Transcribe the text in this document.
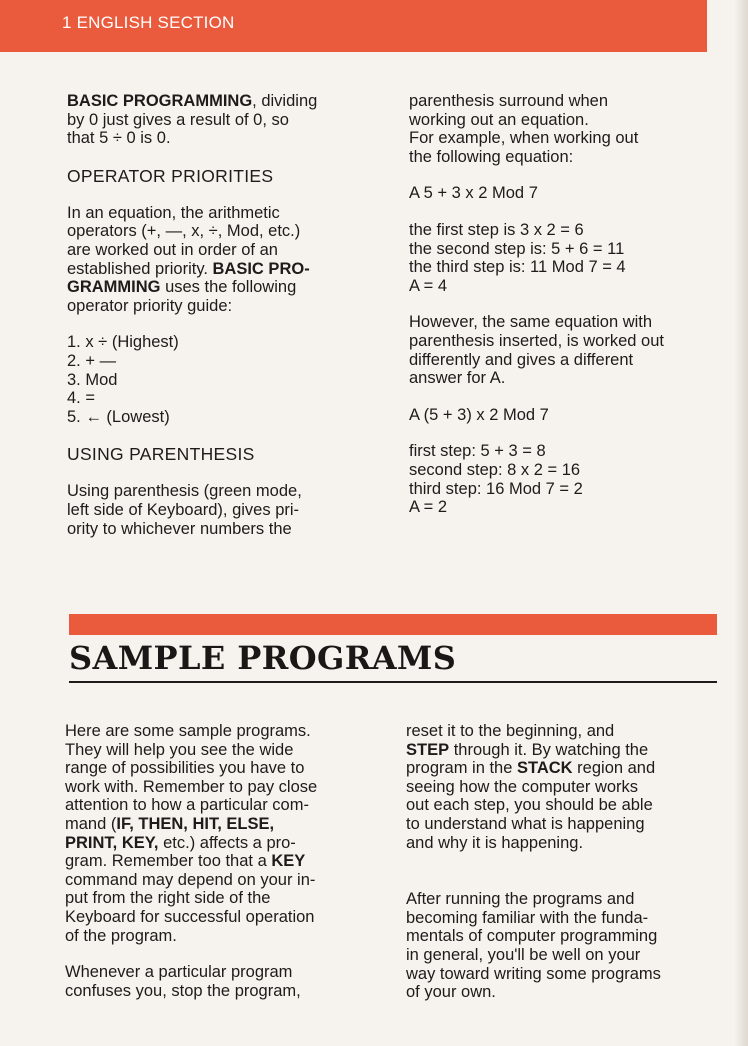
1 ENGLISH SECTION

BASIC PROGRAMMING, dividing
by 0 just gives a result of 0, so
that 5 ÷ 0 is 0.

OPERATOR PRIORITIES

In an equation, the arithmetic
operators (+, —, x, ÷, Mod, etc.)
are worked out in order of an
established priority. BASIC PRO-
GRAMMING uses the following
operator priority guide:

1. x ÷ (Highest)

2. + —

3. Mod

4. =

5. ← (Lowest)

USING PARENTHESIS

Using parenthesis (green mode,
left side of Keyboard), gives pri-
ority to whichever numbers the

parenthesis surround when
working out an equation.
For example, when working out
the following equation:

A 5 + 3 x 2 Mod 7

the first step is 3 x 2 = 6
the second step is: 5 + 6 = 11
the third step is: 11 Mod 7 = 4
A = 4

However, the same equation with
parenthesis inserted, is worked out
differently and gives a different
answer for A.

A (5 + 3) x 2 Mod 7

first step: 5 + 3 = 8
second step: 8 x 2 = 16
third step: 16 Mod 7 = 2
A = 2

SAMPLE PROGRAMS

Here are some sample programs.
They will help you see the wide
range of possibilities you have to
work with. Remember to pay close
attention to how a particular com-
mand (IF, THEN, HIT, ELSE,
PRINT, KEY, etc.) affects a pro-
gram. Remember too that a KEY
command may depend on your in-
put from the right side of the
Keyboard for successful operation
of the program.

Whenever a particular program
confuses you, stop the program,

reset it to the beginning, and
STEP through it. By watching the
program in the STACK region and
seeing how the computer works
out each step, you should be able
to understand what is happening
and why it is happening.

After running the programs and
becoming familiar with the funda-
mentals of computer programming
in general, you'll be well on your
way toward writing some programs
of your own.
